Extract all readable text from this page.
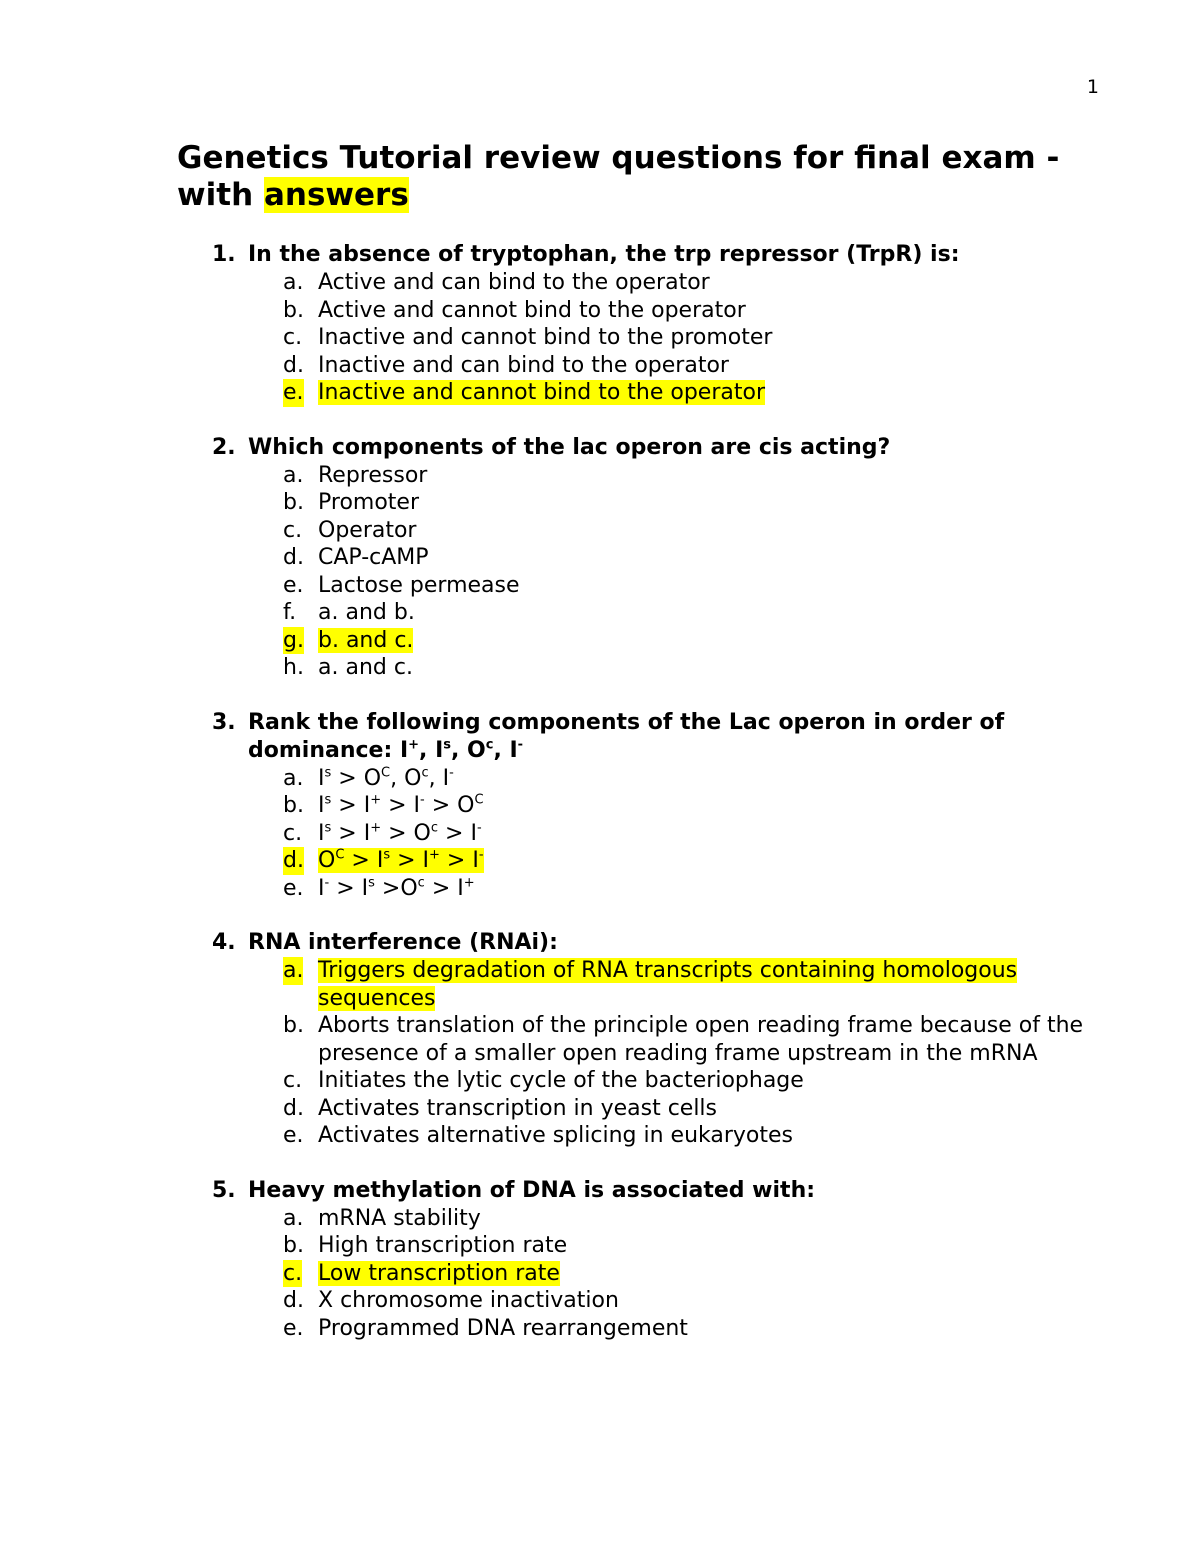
1
Genetics Tutorial review questions for final exam - with answers
1. In the absence of tryptophan, the trp repressor (TrpR) is:
a. Active and can bind to the operator
b. Active and cannot bind to the operator
c. Inactive and cannot bind to the promoter
d. Inactive and can bind to the operator
e. Inactive and cannot bind to the operator
2. Which components of the lac operon are cis acting?
a. Repressor
b. Promoter
c. Operator
d. CAP-cAMP
e. Lactose permease
f. a. and b.
g. b. and c.
h. a. and c.
3. Rank the following components of the Lac operon in order of dominance: I+, $I^s$, $O^c$, I-
a. $I^s > O^C$, $O^c$, I-
b. $I^s > I^+ > I^- > O^C$
c. $I^s > I^+ > O^c > I^-$
d. $O^C > I^s > I^+ > I^-$
e. $I^- > I^s >O^c > I^+$
4. RNA interference (RNAi):
a. Triggers degradation of RNA transcripts containing homologous sequences
b. Aborts translation of the principle open reading frame because of the presence of a smaller open reading frame upstream in the mRNA
c. Initiates the lytic cycle of the bacteriophage
d. Activates transcription in yeast cells
e. Activates alternative splicing in eukaryotes
5. Heavy methylation of DNA is associated with:
a. mRNA stability
b. High transcription rate
c. Low transcription rate
d. X chromosome inactivation
e. Programmed DNA rearrangement
